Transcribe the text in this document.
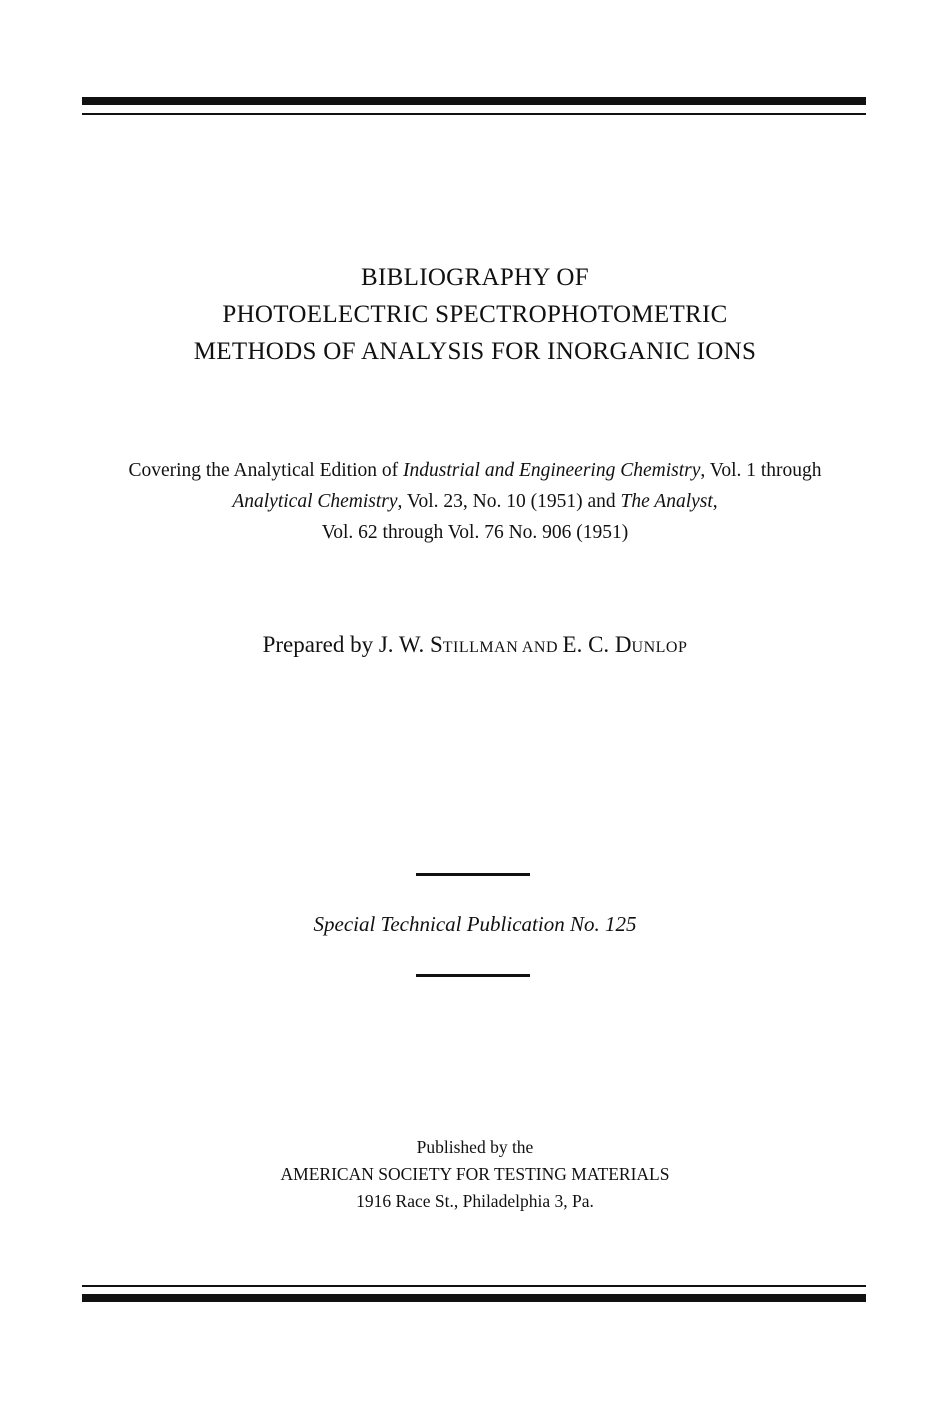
BIBLIOGRAPHY OF
PHOTOELECTRIC SPECTROPHOTOMETRIC
METHODS OF ANALYSIS FOR INORGANIC IONS
Covering the Analytical Edition of Industrial and Engineering Chemistry, Vol. 1 through
Analytical Chemistry, Vol. 23, No. 10 (1951) and The Analyst,
Vol. 62 through Vol. 76 No. 906 (1951)
Prepared by J. W. STILLMAN AND E. C. DUNLOP
Special Technical Publication No. 125
Published by the
AMERICAN SOCIETY FOR TESTING MATERIALS
1916 Race St., Philadelphia 3, Pa.
